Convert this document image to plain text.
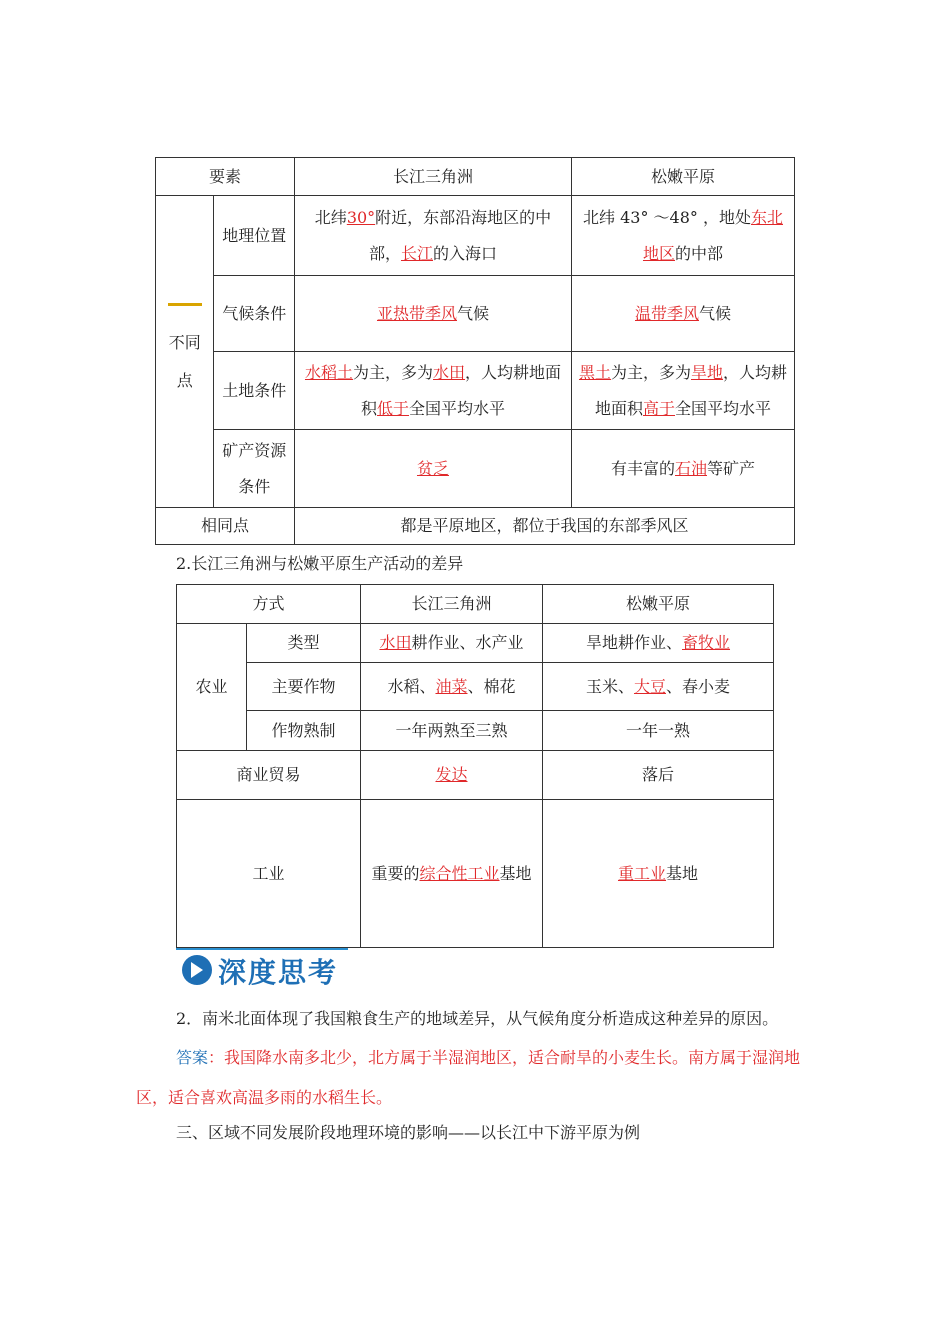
要素		长江三角洲	松嫩平原

不同点	地理位置	北纬30°附近，东部沿海地区的中部，长江的入海口	北纬 43° ～48° ，地处东北地区的中部
	气候条件	亚热带季风气候	温带季风气候
	土地条件	水稻土为主，多为水田，人均耕地面积低于全国平均水平	黑土为主，多为旱地，人均耕地面积高于全国平均水平
	矿产资源条件	贫乏	有丰富的石油等矿产
相同点		都是平原地区，都位于我国的东部季风区	
2.长江三角洲与松嫩平原生产活动的差异
方式		长江三角洲	松嫩平原
农业	类型	水田耕作业、水产业	旱地耕作业、畜牧业
	主要作物	水稻、油菜、棉花	玉米、大豆、春小麦
	作物熟制	一年两熟至三熟	一年一熟
商业贸易		发达	落后
工业		重要的综合性工业基地	重工业基地
深度思考
2．南米北面体现了我国粮食生产的地域差异，从气候角度分析造成这种差异的原因。
答案：我国降水南多北少，北方属于半湿润地区，适合耐旱的小麦生长。南方属于湿润地区，适合喜欢高温多雨的水稻生长。
三、区域不同发展阶段地理环境的影响——以长江中下游平原为例
